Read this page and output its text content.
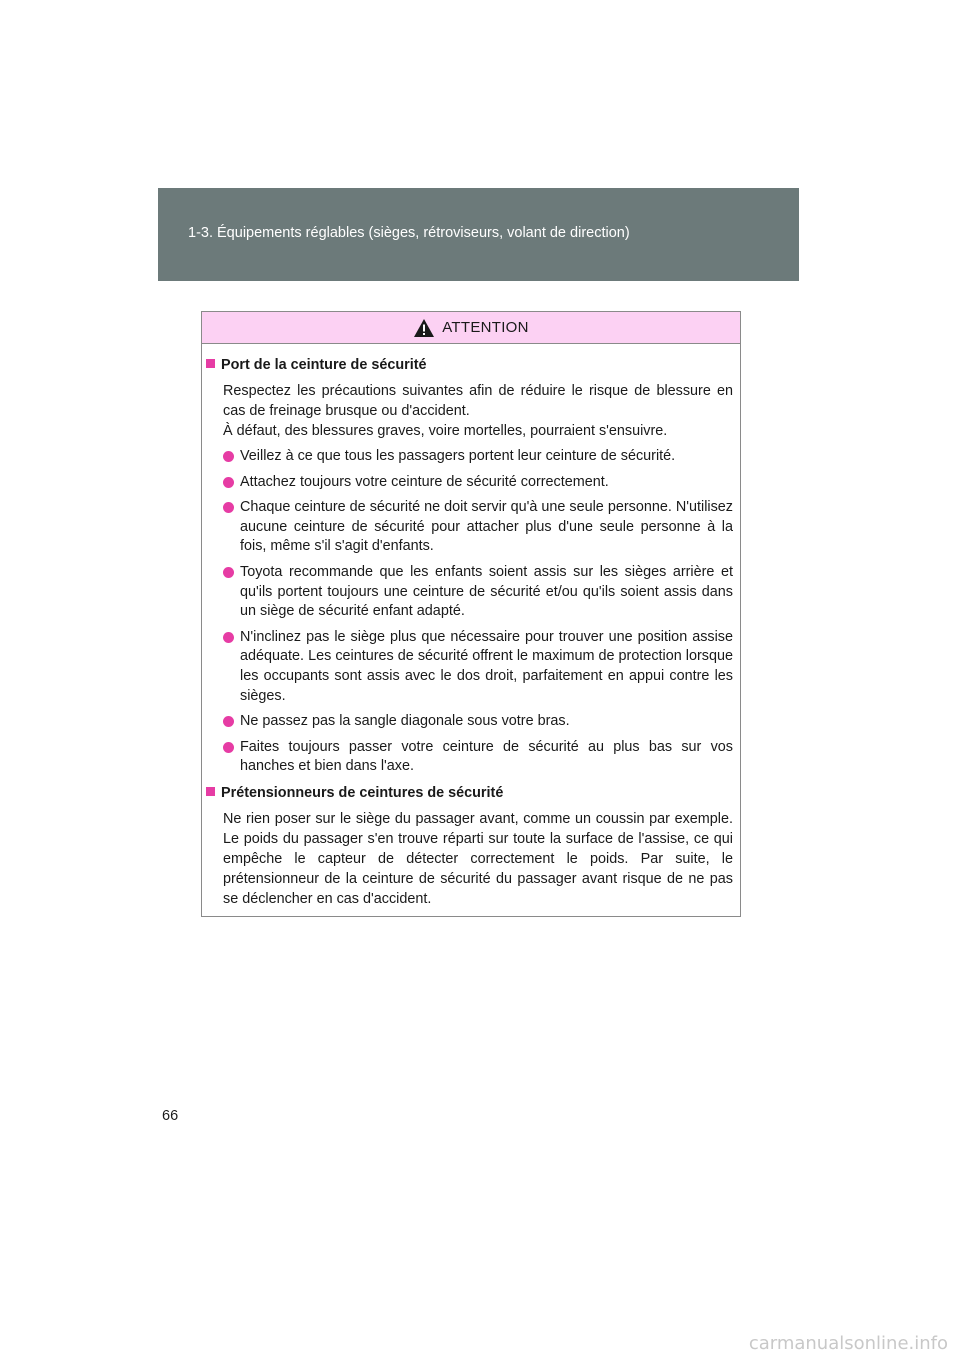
1-3. Équipements réglables (sièges, rétroviseurs, volant de direction)
ATTENTION
Port de la ceinture de sécurité
Respectez les précautions suivantes afin de réduire le risque de blessure en cas de freinage brusque ou d'accident.
À défaut, des blessures graves, voire mortelles, pourraient s'ensuivre.
Veillez à ce que tous les passagers portent leur ceinture de sécurité.
Attachez toujours votre ceinture de sécurité correctement.
Chaque ceinture de sécurité ne doit servir qu'à une seule personne. N'utilisez aucune ceinture de sécurité pour attacher plus d'une seule personne à la fois, même s'il s'agit d'enfants.
Toyota recommande que les enfants soient assis sur les sièges arrière et qu'ils portent toujours une ceinture de sécurité et/ou qu'ils soient assis dans un siège de sécurité enfant adapté.
N'inclinez pas le siège plus que nécessaire pour trouver une position assise adéquate. Les ceintures de sécurité offrent le maximum de protection lorsque les occupants sont assis avec le dos droit, parfaitement en appui contre les sièges.
Ne passez pas la sangle diagonale sous votre bras.
Faites toujours passer votre ceinture de sécurité au plus bas sur vos hanches et bien dans l'axe.
Prétensionneurs de ceintures de sécurité
Ne rien poser sur le siège du passager avant, comme un coussin par exemple. Le poids du passager s'en trouve réparti sur toute la surface de l'assise, ce qui empêche le capteur de détecter correctement le poids. Par suite, le prétensionneur de la ceinture de sécurité du passager avant risque de ne pas se déclencher en cas d'accident.
66
carmanualsonline.info
